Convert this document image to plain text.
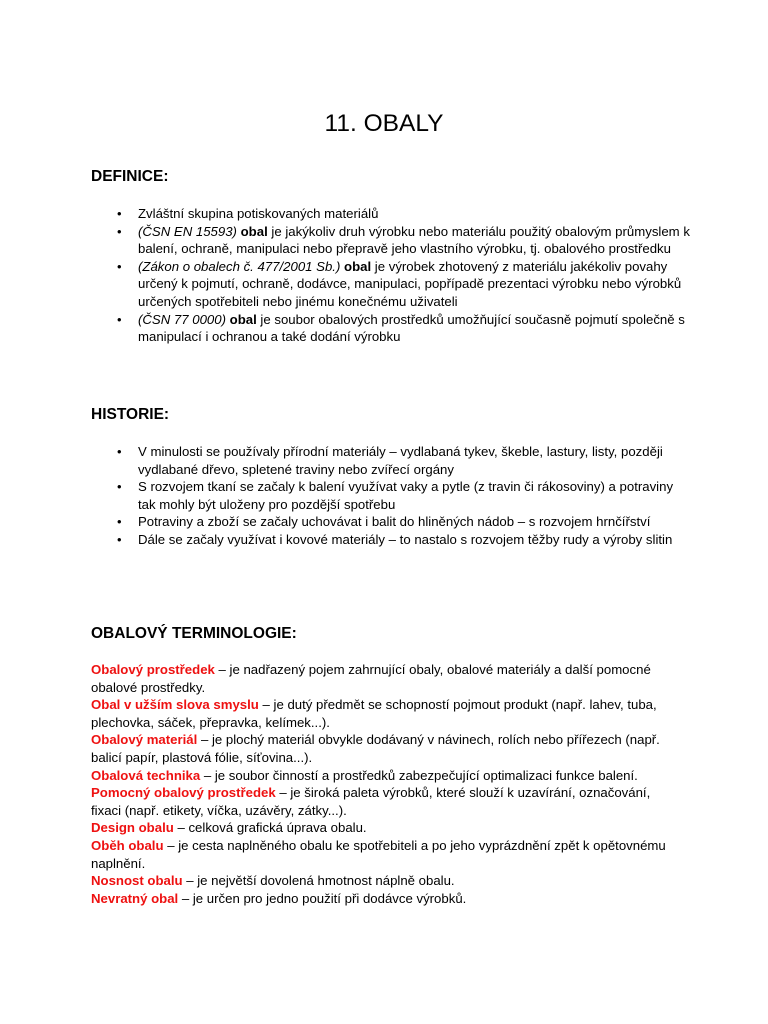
11. OBALY
DEFINICE:
• Zvláštní skupina potiskovaných materiálů
• (ČSN EN 15593) obal je jakýkoliv druh výrobku nebo materiálu použitý obalovým průmyslem k balení, ochraně, manipulaci nebo přepravě jeho vlastního výrobku, tj. obalového prostředku
• (Zákon o obalech č. 477/2001 Sb.) obal je výrobek zhotovený z materiálu jakékoliv povahy určený k pojmutí, ochraně, dodávce, manipulaci, popřípadě prezentaci výrobku nebo výrobků určených spotřebiteli nebo jinému konečnému uživateli
• (ČSN 77 0000) obal je soubor obalových prostředků umožňující současně pojmutí společně s manipulací i ochranou a také dodání výrobku
HISTORIE:
• V minulosti se používaly přírodní materiály – vydlabaná tykev, škeble, lastury, listy, později vydlabané dřevo, spletené traviny nebo zvířecí orgány
• S rozvojem tkaní se začaly k balení využívat vaky a pytle (z travin či rákosoviny) a potraviny tak mohly být uloženy pro pozdější spotřebu
• Potraviny a zboží se začaly uchovávat i balit do hliněných nádob – s rozvojem hrnčířství
• Dále se začaly využívat i kovové materiály – to nastalo s rozvojem těžby rudy a výroby slitin
OBALOVÝ TERMINOLOGIE:

Obalový prostředek – je nadřazený pojem zahrnující obaly, obalové materiály a další pomocné obalové prostředky.

Obal v užším slova smyslu – je dutý předmět se schopností pojmout produkt (např. lahev, tuba, plechovka, sáček, přepravka, kelímek...).

Obalový materiál – je plochý materiál obvykle dodávaný v návinech, rolích nebo přířezech (např. balicí papír, plastová fólie, síťovina...).

Obalová technika – je soubor činností a prostředků zabezpečující optimalizaci funkce balení.

Pomocný obalový prostředek – je široká paleta výrobků, které slouží k uzavírání, označování, fixaci (např. etikety, víčka, uzávěry, zátky...).

Design obalu – celková grafická úprava obalu.

Oběh obalu – je cesta naplněného obalu ke spotřebiteli a po jeho vyprázdnění zpět k opětovnému naplnění.

Nosnost obalu – je největší dovolená hmotnost náplně obalu.

Nevratný obal – je určen pro jedno použití při dodávce výrobků.
